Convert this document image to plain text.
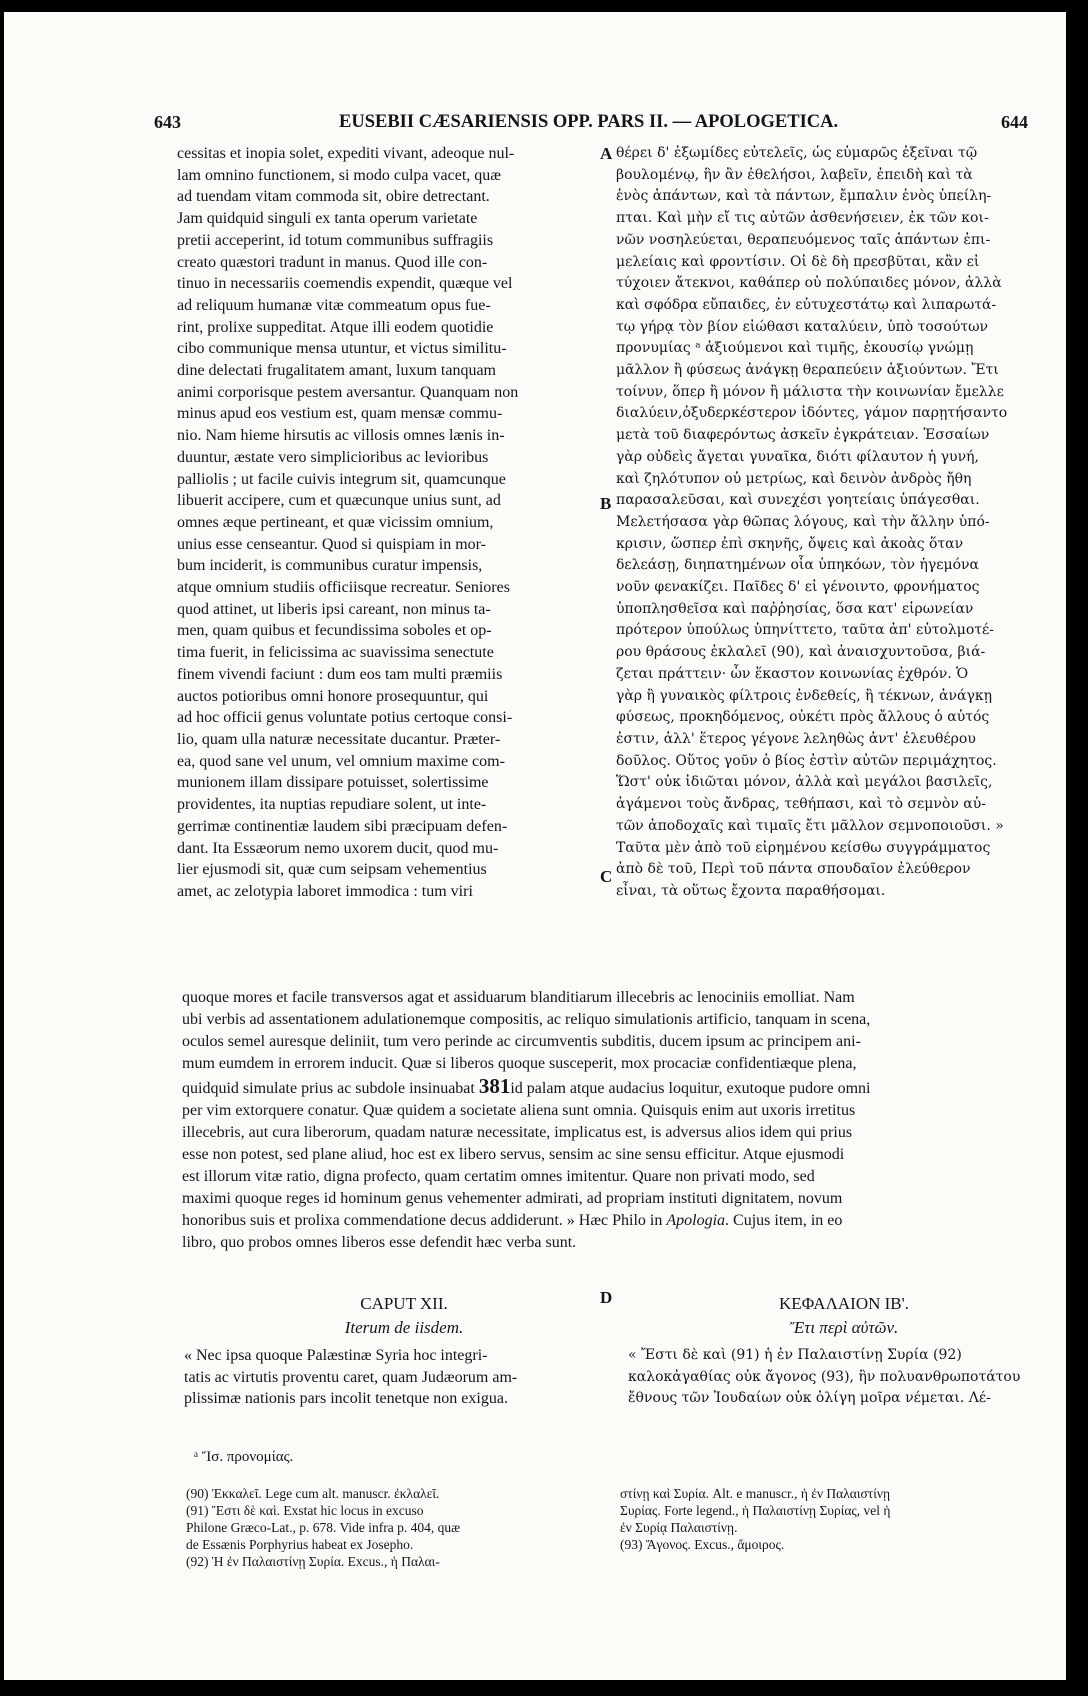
643	EUSEBII CÆSARIENSIS OPP. PARS II. — APOLOGETICA.	644

cessitas et inopia solet, expediti vivant, adeoque nul-

lam omnino functionem, si modo culpa vacet, quæ

ad tuendam vitam commoda sit, obire detrectant.

Jam quidquid singuli ex tanta operum varietate

pretii acceperint, id totum communibus suffragiis

creato quæstori tradunt in manus. Quod ille con-

tinuo in necessariis coemendis expendit, quæque vel

ad reliquum humanæ vitæ commeatum opus fue-

rint, prolixe suppeditat. Atque illi eodem quotidie

cibo communique mensa utuntur, et victus similitu-

dine delectati frugalitatem amant, luxum tanquam

animi corporisque pestem aversantur. Quanquam non

minus apud eos vestium est, quam mensæ commu-

nio. Nam hieme hirsutis ac villosis omnes lænis in-

duuntur, æstate vero simplicioribus ac levioribus

palliolis ; ut facile cuivis integrum sit, quamcunque

libuerit accipere, cum et quæcunque unius sunt, ad

omnes æque pertineant, et quæ vicissim omnium,

unius esse censeantur. Quod si quispiam in mor-

bum inciderit, is communibus curatur impensis,

atque omnium studiis officiisque recreatur. Seniores

quod attinet, ut liberis ipsi careant, non minus ta-

men, quam quibus et fecundissima soboles et op-

tima fuerit, in felicissima ac suavissima senectute

finem vivendi faciunt : dum eos tam multi præmiis

auctos potioribus omni honore prosequuntur, qui

ad hoc officii genus voluntate potius certoque consi-

lio, quam ulla naturæ necessitate ducantur. Præter-

ea, quod sane vel unum, vel omnium maxime com-

munionem illam dissipare potuisset, solertissime

providentes, ita nuptias repudiare solent, ut inte-

gerrimæ continentiæ laudem sibi præcipuam defen-

dant. Ita Essæorum nemo uxorem ducit, quod mu-

lier ejusmodi sit, quæ cum seipsam vehementius

amet, ac zelotypia laboret immodica : tum viri

A
B
C
D

θέρει δ' ἐξωμίδες εὐτελεῖς, ὡς εὐμαρῶς ἐξεῖναι τῷ

βουλομένῳ, ἣν ἂν ἐθελήσοι, λαβεῖν, ἐπειδὴ καὶ τὰ

ἑνὸς ἁπάντων, καὶ τὰ πάντων, ἔμπαλιν ἑνὸς ὑπείλη-

πται. Καὶ μὴν εἴ τις αὐτῶν ἀσθενήσειεν, ἐκ τῶν κοι-

νῶν νοσηλεύεται, θεραπευόμενος ταῖς ἁπάντων ἐπι-

μελείαις καὶ φροντίσιν. Οἱ δὲ δὴ πρεσβῦται, κἂν εἰ

τύχοιεν ἄτεκνοι, καθάπερ οὐ πολύπαιδες μόνον, ἀλλὰ

καὶ σφόδρα εὔπαιδες, ἐν εὐτυχεστάτῳ καὶ λιπαρωτά-

τῳ γήρᾳ τὸν βίον εἰώθασι καταλύειν, ὑπὸ τοσούτων

προνυμίας ᵃ ἀξιούμενοι καὶ τιμῆς, ἑκουσίῳ γνώμῃ

μᾶλλον ἢ φύσεως ἀνάγκῃ θεραπεύειν ἀξιούντων. Ἔτι

τοίνυν, ὅπερ ἢ μόνον ἢ μάλιστα τὴν κοινωνίαν ἔμελλε

διαλύειν,ὀξυδερκέστερον ἰδόντες, γάμον παρῃτήσαντο

μετὰ τοῦ διαφερόντως ἀσκεῖν ἐγκράτειαν. Ἐσσαίων

γὰρ οὐδεὶς ἄγεται γυναῖκα, διότι φίλαυτον ἡ γυνή,

καὶ ζηλότυπον οὐ μετρίως, καὶ δεινὸν ἀνδρὸς ἤθη

παρασαλεῦσαι, καὶ συνεχέσι γοητείαις ὑπάγεσθαι.

Μελετήσασα γὰρ θῶπας λόγους, καὶ τὴν ἄλλην ὑπό-

κρισιν, ὥσπερ ἐπὶ σκηνῆς, ὄψεις καὶ ἀκοὰς ὅταν

δελεάσῃ, διηπατημένων οἷα ὑπηκόων, τὸν ἡγεμόνα

νοῦν φενακίζει. Παῖδες δ' εἰ γένοιντο, φρονήματος

ὑποπλησθεῖσα καὶ παῤῥησίας, ὅσα κατ' εἰρωνείαν

πρότερον ὑπούλως ὑπηνίττετο, ταῦτα ἀπ' εὐτολμοτέ-

ρου θράσους ἐκλαλεῖ (90), καὶ ἀναισχυντοῦσα, βιά-

ζεται πράττειν· ὧν ἕκαστον κοινωνίας ἐχθρόν. Ὁ

γὰρ ἢ γυναικὸς φίλτροις ἐνδεθείς, ἢ τέκνων, ἀνάγκῃ

φύσεως, προκηδόμενος, οὐκέτι πρὸς ἄλλους ὁ αὐτός

ἐστιν, ἀλλ' ἕτερος γέγονε λεληθὼς ἀντ' ἐλευθέρου

δοῦλος. Οὕτος γοῦν ὁ βίος ἐστὶν αὐτῶν περιμάχητος.

Ὥστ' οὐκ ἰδιῶται μόνον, ἀλλὰ καὶ μεγάλοι βασιλεῖς,

ἀγάμενοι τοὺς ἄνδρας, τεθήπασι, καὶ τὸ σεμνὸν αὐ-

τῶν ἀποδοχαῖς καὶ τιμαῖς ἔτι μᾶλλον σεμνοποιοῦσι. »

Ταῦτα μὲν ἀπὸ τοῦ εἰρημένου κείσθω συγγράμματος

ἀπὸ δὲ τοῦ, Περὶ τοῦ πάντα σπουδαῖον ἐλεύθερον

εἶναι, τὰ οὕτως ἔχοντα παραθήσομαι.

quoque mores et facile transversos agat et assiduarum blanditiarum illecebris ac lenociniis emolliat. Nam

ubi verbis ad assentationem adulationemque compositis, ac reliquo simulationis artificio, tanquam in scena,

oculos semel auresque deliniit, tum vero perinde ac circumventis subditis, ducem ipsum ac principem ani-

mum eumdem in errorem inducit. Quæ si liberos quoque susceperit, mox procaciæ confidentiæque plena,

quidquid simulate prius ac subdole insinuabat 381id palam atque audacius loquitur, exutoque pudore omni

per vim extorquere conatur. Quæ quidem a societate aliena sunt omnia. Quisquis enim aut uxoris irretitus

illecebris, aut cura liberorum, quadam naturæ necessitate, implicatus est, is adversus alios idem qui prius

esse non potest, sed plane aliud, hoc est ex libero servus, sensim ac sine sensu efficitur. Atque ejusmodi

est illorum vitæ ratio, digna profecto, quam certatim omnes imitentur. Quare non privati modo, sed

maximi quoque reges id hominum genus vehementer admirati, ad propriam instituti dignitatem, novum

honoribus suis et prolixa commendatione decus addiderunt. » Hæc Philo in Apologia. Cujus item, in eo

libro, quo probos omnes liberos esse defendit hæc verba sunt.

CAPUT XII.
Iterum de iisdem.
ΚΕΦΑΛΑΙΟΝ ΙΒ'.
Ἔτι περὶ αὐτῶν.

« Nec ipsa quoque Palæstinæ Syria hoc integri-

tatis ac virtutis proventu caret, quam Judæorum am-

plissimæ nationis pars incolit tenetque non exigua.

« Ἔστι δὲ καὶ (91) ἡ ἐν Παλαιστίνῃ Συρία (92)

καλοκἀγαθίας οὐκ ἄγονος (93), ἣν πολυανθρωποτάτου

ἔθνους τῶν Ἰουδαίων οὐκ ὀλίγη μοῖρα νέμεται. Λέ-

ᵃ Ἴσ. προνομίας.

(90) Ἐκκαλεῖ. Lege cum alt. manuscr. ἐκλαλεῖ.

(91) Ἔστι δὲ καὶ. Exstat hic locus in excuso

Philone Græco-Lat., p. 678. Vide infra p. 404, quæ

de Essænis Porphyrius habeat ex Josepho.

(92) Ἡ ἐν Παλαιστίνῃ Συρία. Excus., ἡ Παλαι-

στίνῃ καὶ Συρία. Alt. e manuscr., ἡ ἐν Παλαιστίνῃ

Συρίας. Forte legend., ἡ Παλαιστίνῃ Συρίας, vel ἡ

ἐν Συρίᾳ Παλαιστίνῃ.

(93) Ἄγονος. Excus., ἄμοιρος.
